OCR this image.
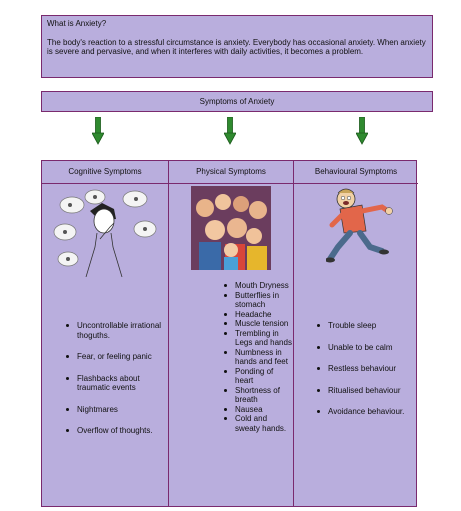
What is Anxiety?
The body's reaction to a stressful circumstance is anxiety. Everybody has occasional anxiety. When anxiety is severe and pervasive, and when it interferes with daily activities, it becomes a problem.
Symptoms of Anxiety
Cognitive Symptoms
Uncontrollable irrational thoguths.
Fear, or feeling panic
Flashbacks about traumatic events
Nightmares
Overflow of thoughts.
Physical Symptoms
Mouth Dryness
Butterflies in stomach
Headache
Muscle tension
Trembling in Legs and hands
Numbness in hands and feet
Ponding of heart
Shortness of breath
Nausea
Cold and sweaty hands.
Behavioural Symptoms
Trouble sleep
Unable to be calm
Restless behaviour
Ritualised behaviour
Avoidance behaviour.
